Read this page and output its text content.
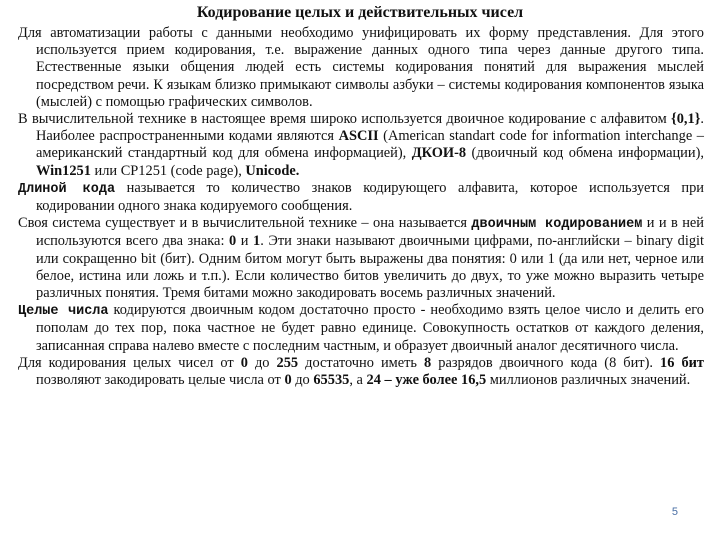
Кодирование целых и действительных чисел

Для автоматизации работы с данными необходимо унифицировать их форму представления. Для этого используется прием кодирования, т.е. выражение данных одного типа через данные другого типа. Естественные языки общения людей есть системы кодирования понятий для выражения мыслей посредством речи. К языкам близко примыкают символы азбуки – системы кодирования компонентов языка (мыслей) с помощью графических символов.

В вычислительной технике в настоящее время широко используется двоичное кодирование с алфавитом {0,1}. Наиболее распространенными кодами являются ASCII (American standart code for information interchange – американский стандартный код для обмена информацией), ДКОИ-8 (двоичный код обмена информации), Win1251 или CP1251 (code page), Unicode.

Длиной кода называется то количество знаков кодирующего алфавита, которое используется при кодировании одного знака кодируемого сообщения.

Своя система существует и в вычислительной технике – она называется двоичным кодированием и и в ней используются всего два знака: 0 и 1. Эти знаки называют двоичными цифрами, по-английски – binary digit или сокращенно bit (бит). Одним битом могут быть выражены два понятия: 0 или 1 (да или нет, черное или белое, истина или ложь и т.п.). Если количество битов увеличить до двух, то уже можно выразить четыре различных понятия. Тремя битами можно закодировать восемь различных значений.

Целые числа кодируются двоичным кодом достаточно просто - необходимо взять целое число и делить его пополам до тех пор, пока частное не будет равно единице. Совокупность остатков от каждого деления, записанная справа налево вместе с последним частным, и образует двоичный аналог десятичного числа.

Для кодирования целых чисел от 0 до 255 достаточно иметь 8 разрядов двоичного кода (8 бит). 16 бит позволяют закодировать целые числа от 0 до 65535, а 24 – уже более 16,5 миллионов различных значений.

5
